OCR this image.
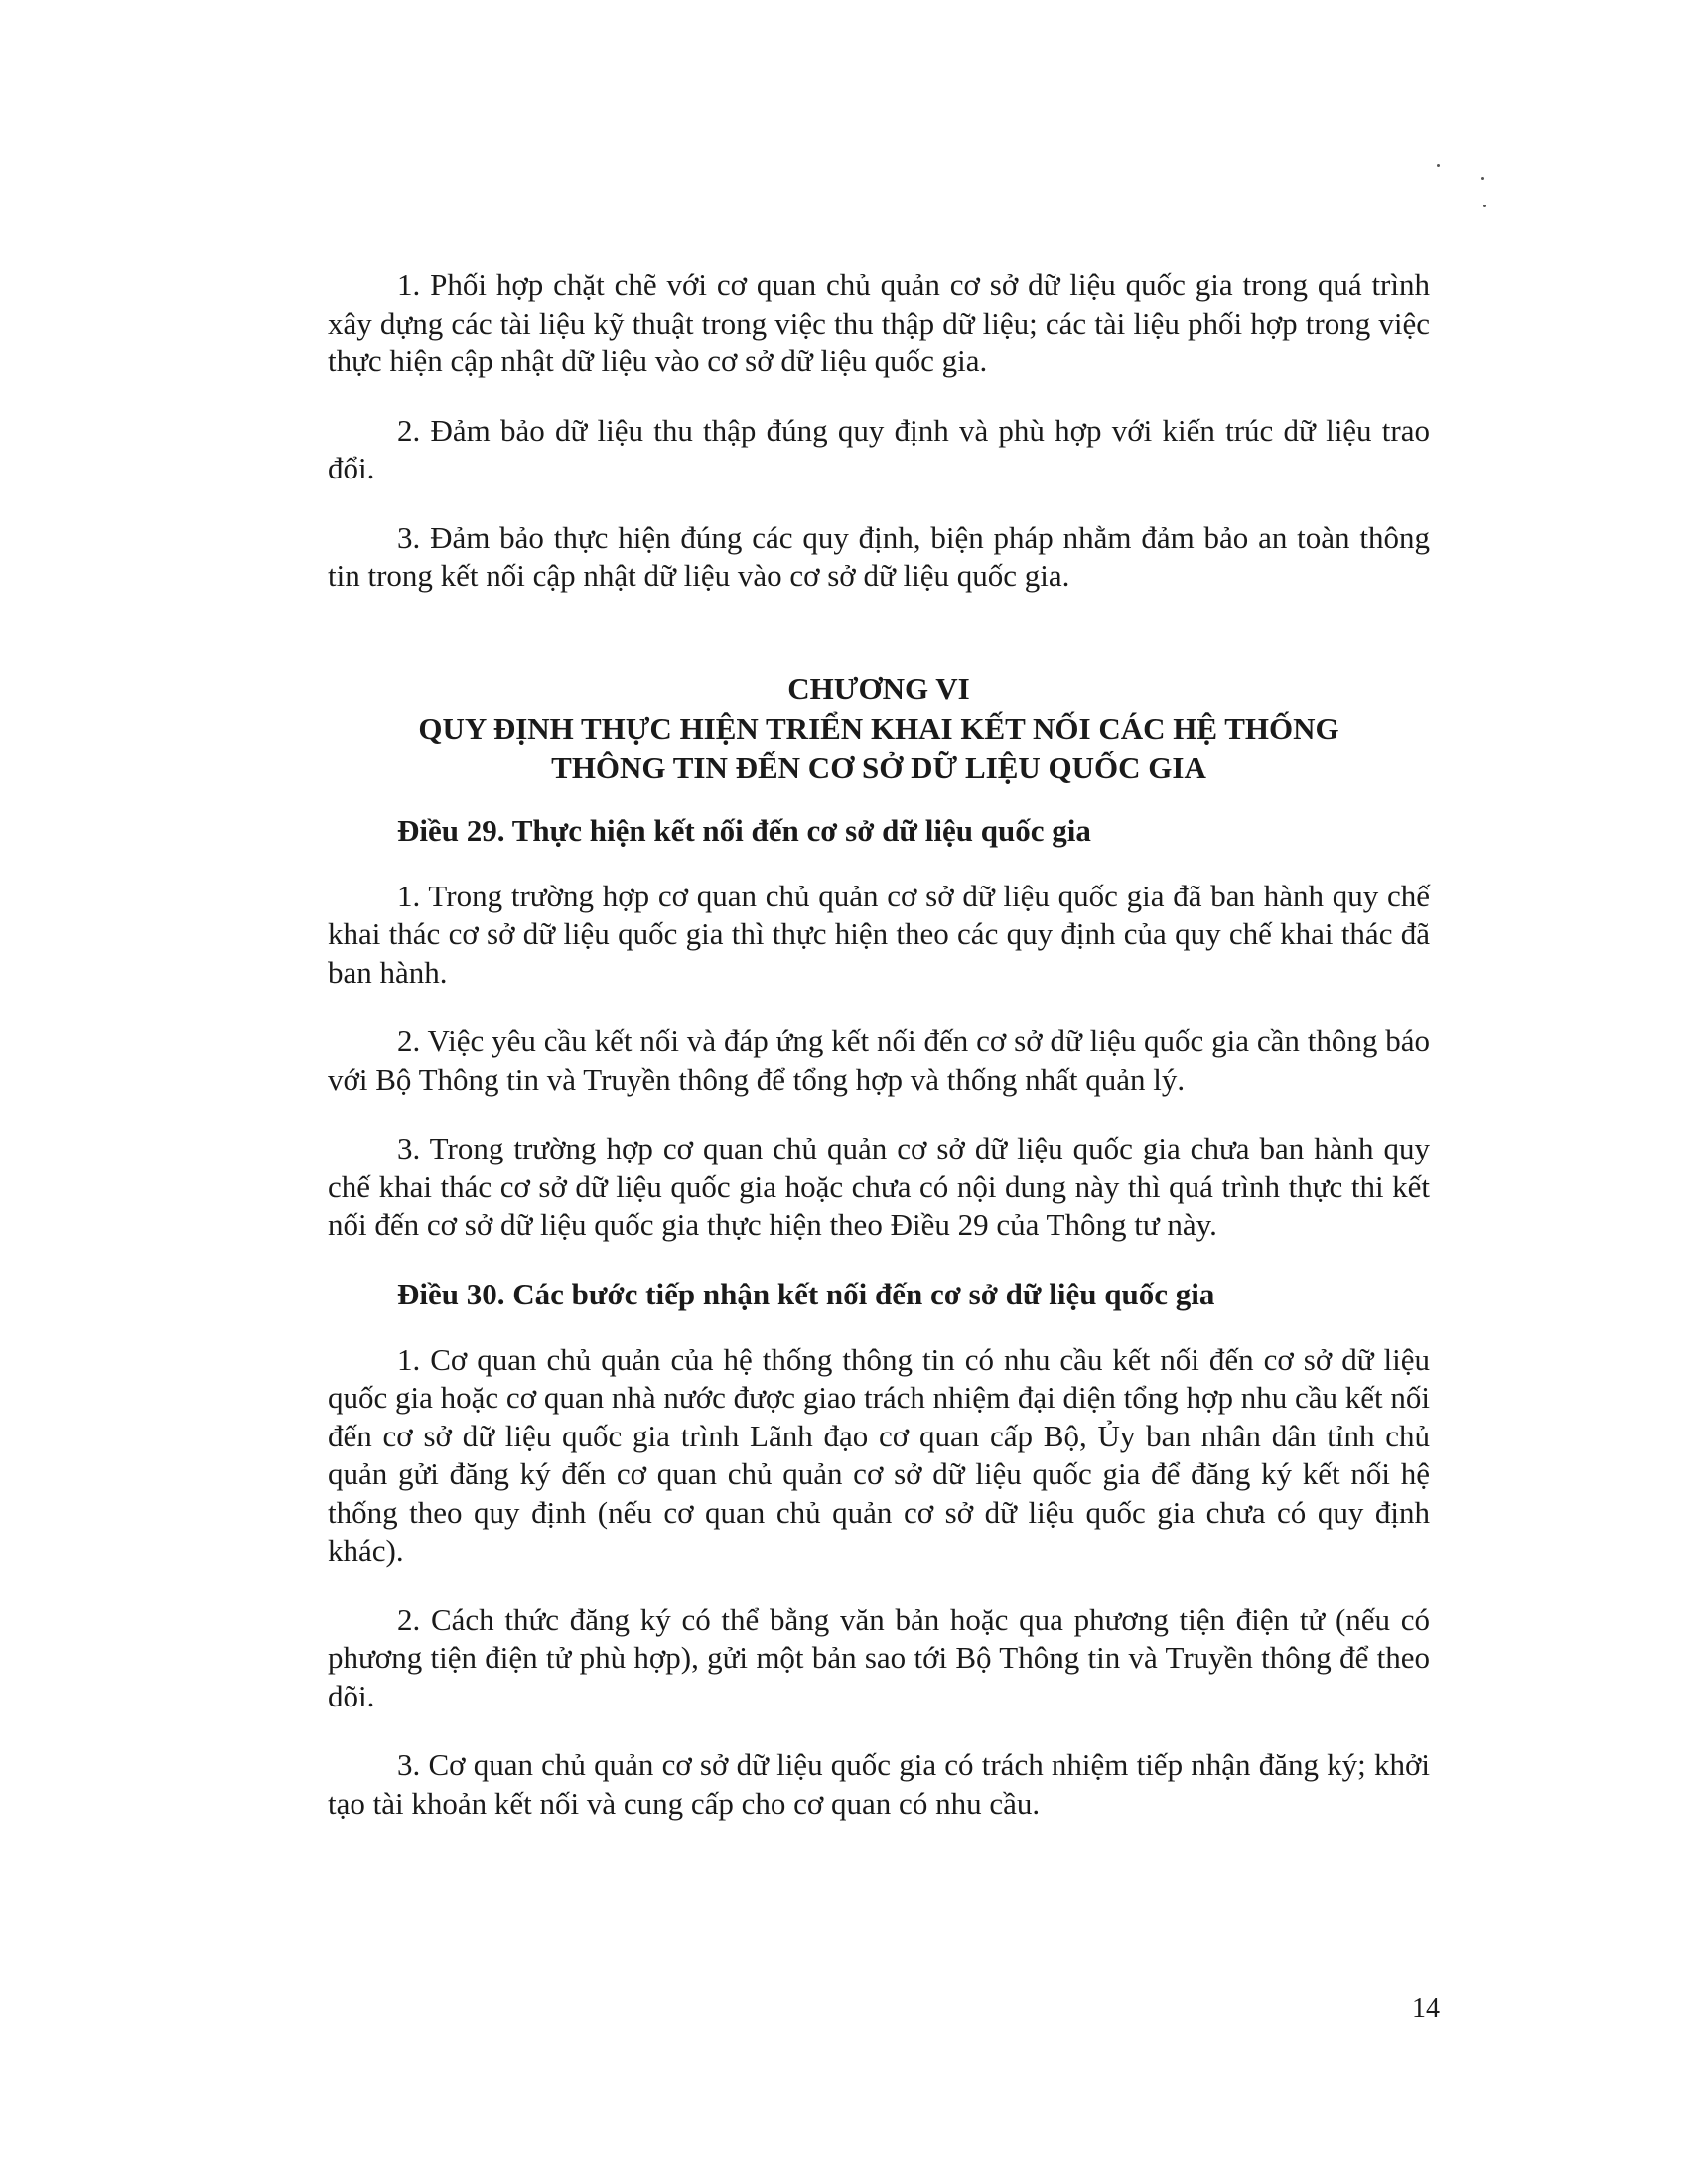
1. Phối hợp chặt chẽ với cơ quan chủ quản cơ sở dữ liệu quốc gia trong quá trình xây dựng các tài liệu kỹ thuật trong việc thu thập dữ liệu; các tài liệu phối hợp trong việc thực hiện cập nhật dữ liệu vào cơ sở dữ liệu quốc gia.

2. Đảm bảo dữ liệu thu thập đúng quy định và phù hợp với kiến trúc dữ liệu trao đổi.

3. Đảm bảo thực hiện đúng các quy định, biện pháp nhằm đảm bảo an toàn thông tin trong kết nối cập nhật dữ liệu vào cơ sở dữ liệu quốc gia.

CHƯƠNG VI
QUY ĐỊNH THỰC HIỆN TRIỂN KHAI KẾT NỐI CÁC HỆ THỐNG
THÔNG TIN ĐẾN CƠ SỞ DỮ LIỆU QUỐC GIA
Điều 29. Thực hiện kết nối đến cơ sở dữ liệu quốc gia

1. Trong trường hợp cơ quan chủ quản cơ sở dữ liệu quốc gia đã ban hành quy chế khai thác cơ sở dữ liệu quốc gia thì thực hiện theo các quy định của quy chế khai thác đã ban hành.

2. Việc yêu cầu kết nối và đáp ứng kết nối đến cơ sở dữ liệu quốc gia cần thông báo với Bộ Thông tin và Truyền thông để tổng hợp và thống nhất quản lý.

3. Trong trường hợp cơ quan chủ quản cơ sở dữ liệu quốc gia chưa ban hành quy chế khai thác cơ sở dữ liệu quốc gia hoặc chưa có nội dung này thì quá trình thực thi kết nối đến cơ sở dữ liệu quốc gia thực hiện theo Điều 29 của Thông tư này.

Điều 30. Các bước tiếp nhận kết nối đến cơ sở dữ liệu quốc gia

1. Cơ quan chủ quản của hệ thống thông tin có nhu cầu kết nối đến cơ sở dữ liệu quốc gia hoặc cơ quan nhà nước được giao trách nhiệm đại diện tổng hợp nhu cầu kết nối đến cơ sở dữ liệu quốc gia trình Lãnh đạo cơ quan cấp Bộ, Ủy ban nhân dân tỉnh chủ quản gửi đăng ký đến cơ quan chủ quản cơ sở dữ liệu quốc gia để đăng ký kết nối hệ thống theo quy định (nếu cơ quan chủ quản cơ sở dữ liệu quốc gia chưa có quy định khác).

2. Cách thức đăng ký có thể bằng văn bản hoặc qua phương tiện điện tử (nếu có phương tiện điện tử phù hợp), gửi một bản sao tới Bộ Thông tin và Truyền thông để theo dõi.

3. Cơ quan chủ quản cơ sở dữ liệu quốc gia có trách nhiệm tiếp nhận đăng ký; khởi tạo tài khoản kết nối và cung cấp cho cơ quan có nhu cầu.

14
